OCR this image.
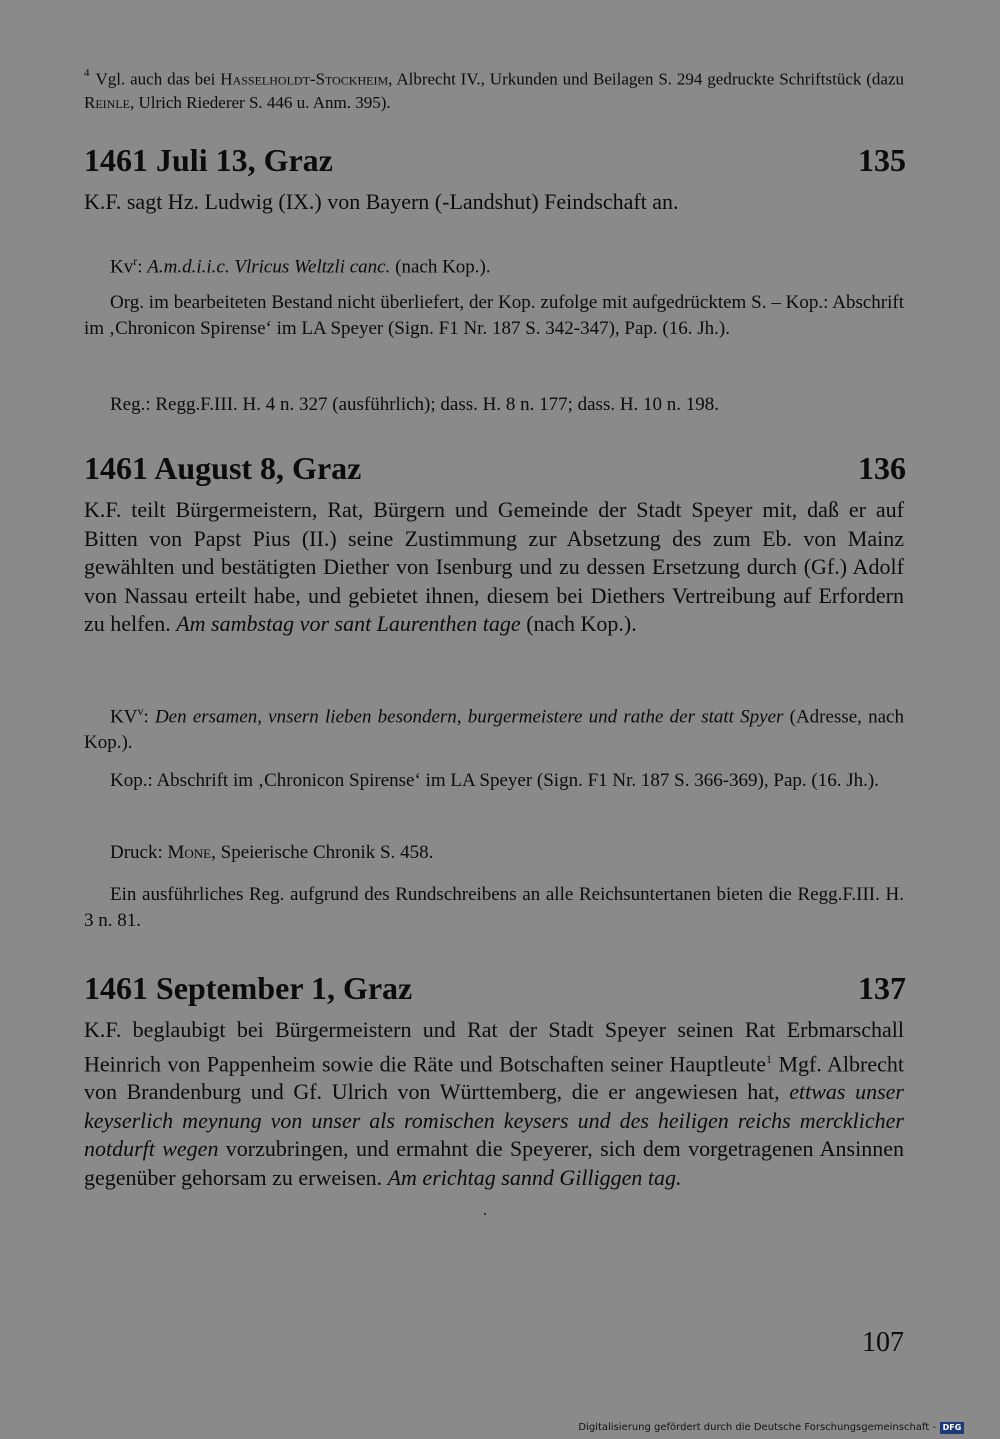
$^4$ Vgl. auch das bei Hasselholdt-Stockheim, Albrecht IV., Urkunden und Beilagen S. 294 gedruckte Schriftstück (dazu Reinle, Ulrich Riederer S. 446 u. Anm. 395).
1461 Juli 13, Graz	135
K.F. sagt Hz. Ludwig (IX.) von Bayern (-Landshut) Feindschaft an.
Kv$^r$: A.m.d.i.i.c. Vlricus Weltzli canc. (nach Kop.).
Org. im bearbeiteten Bestand nicht überliefert, der Kop. zufolge mit aufgedrücktem S. – Kop.: Abschrift im ‚Chronicon Spirense‘ im LA Speyer (Sign. F1 Nr. 187 S. 342-347), Pap. (16. Jh.).
Reg.: Regg.F.III. H. 4 n. 327 (ausführlich); dass. H. 8 n. 177; dass. H. 10 n. 198.
1461 August 8, Graz	136
K.F. teilt Bürgermeistern, Rat, Bürgern und Gemeinde der Stadt Speyer mit, daß er auf Bitten von Papst Pius (II.) seine Zustimmung zur Absetzung des zum Eb. von Mainz gewählten und bestätigten Diether von Isenburg und zu dessen Ersetzung durch (Gf.) Adolf von Nassau erteilt habe, und gebietet ihnen, diesem bei Diethers Vertreibung auf Erfordern zu helfen. Am sambstag vor sant Laurenthen tage (nach Kop.).
$KV^v$: Den ersamen, vnsern lieben besondern, burgermeistere und rathe der statt Spyer (Adresse, nach Kop.).
Kop.: Abschrift im ‚Chronicon Spirense‘ im LA Speyer (Sign. F1 Nr. 187 S. 366-369), Pap. (16. Jh.).
Druck: Mone, Speierische Chronik S. 458.
Ein ausführliches Reg. aufgrund des Rundschreibens an alle Reichsuntertanen bieten die Regg.F.III. H. 3 n. 81.
1461 September 1, Graz	137
K.F. beglaubigt bei Bürgermeistern und Rat der Stadt Speyer seinen Rat Erbmarschall Heinrich von Pappenheim sowie die Räte und Botschaften seiner Hauptleute$^1$ Mgf. Albrecht von Brandenburg und Gf. Ulrich von Württemberg, die er angewiesen hat, ettwas unser keyserlich meynung von unser als romischen keysers und des heiligen reichs mercklicher notdurft wegen vorzubringen, und ermahnt die Speyerer, sich dem vorgetragenen Ansinnen gegenüber gehorsam zu erweisen. Am erichtag sannd Gilliggen tag.
107
Digitalisierung gefördert durch die Deutsche Forschungsgemeinschaft - DFG
